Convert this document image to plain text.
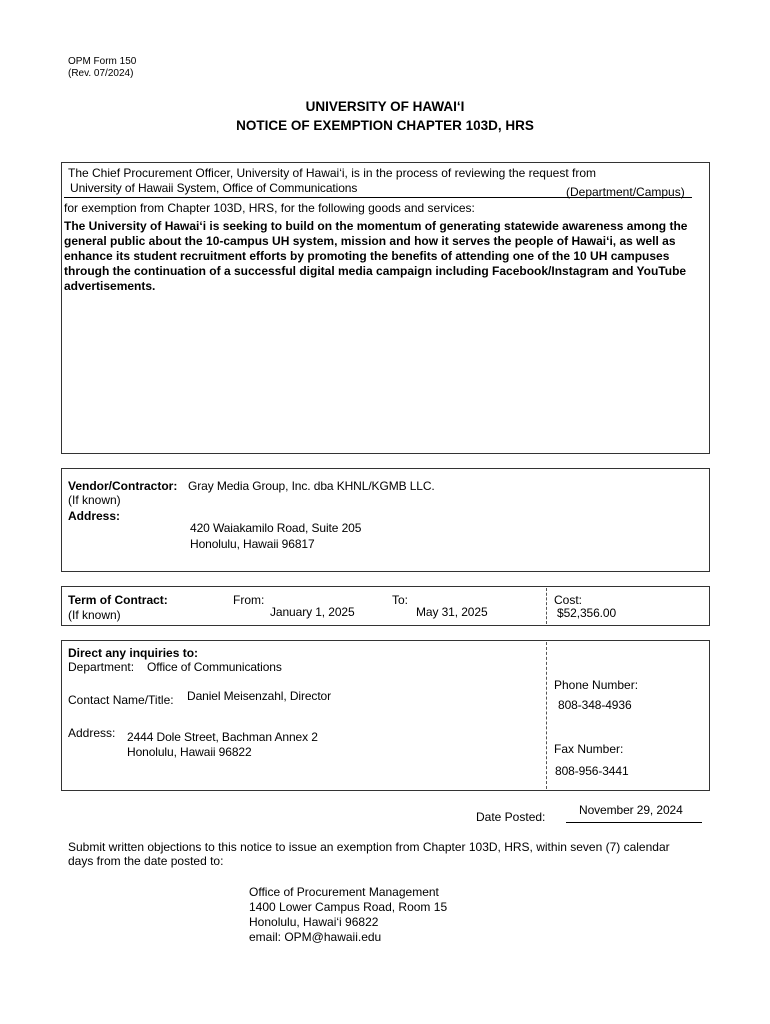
OPM Form 150
(Rev. 07/2024)
UNIVERSITY OF HAWAI‘I
NOTICE OF EXEMPTION CHAPTER 103D, HRS
The Chief Procurement Officer, University of Hawai‘i, is in the process of reviewing the request from
University of Hawaii System, Office of Communications	(Department/Campus)
for exemption from Chapter 103D, HRS, for the following goods and services:
The University of Hawai‘i is seeking to build on the momentum of generating statewide awareness among the general public about the 10-campus UH system, mission and how it serves the people of Hawai‘i, as well as enhance its student recruitment efforts by promoting the benefits of attending one of the 10 UH campuses through the continuation of a successful digital media campaign including Facebook/Instagram and YouTube advertisements.
Vendor/Contractor: Gray Media Group, Inc. dba KHNL/KGMB LLC.
(If known)
Address:
420 Waiakamilo Road, Suite 205
Honolulu, Hawaii 96817
Term of Contract:
(If known)
From:
January 1, 2025
To:
May 31, 2025
Cost:
$52,356.00
Direct any inquiries to:
Department: Office of Communications
Contact Name/Title: Daniel Meisenzahl, Director
Address: 2444 Dole Street, Bachman Annex 2
Honolulu, Hawaii 96822
Phone Number:
808-348-4936
Fax Number:
808-956-3441
Date Posted:	November 29, 2024
Submit written objections to this notice to issue an exemption from Chapter 103D, HRS, within seven (7) calendar
days from the date posted to:
Office of Procurement Management
1400 Lower Campus Road, Room 15
Honolulu, Hawai‘i 96822
email: OPM@hawaii.edu
